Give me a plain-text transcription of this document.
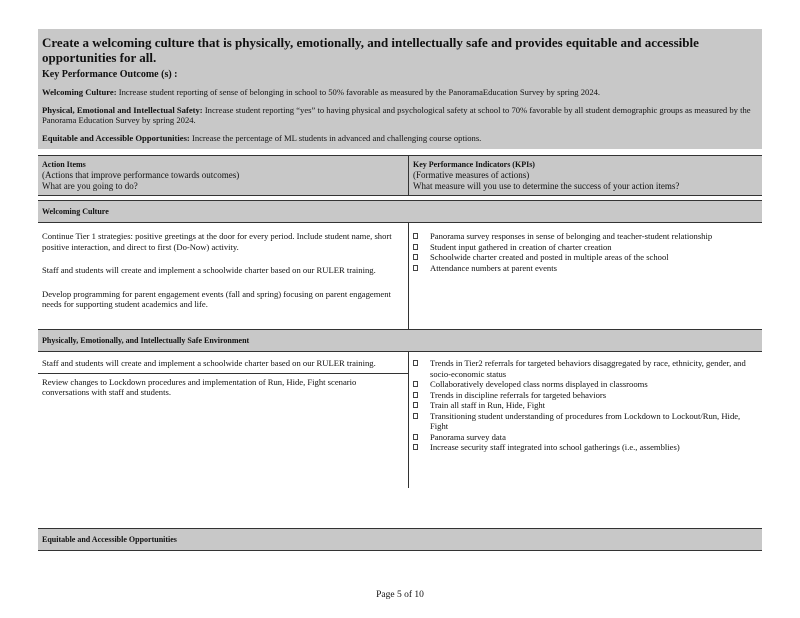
Create a welcoming culture that is physically, emotionally, and intellectually safe and provides equitable and accessible opportunities for all.
Key Performance Outcome (s) :
Welcoming Culture: Increase student reporting of sense of belonging in school to 50% favorable as measured by the PanoramaEducation Survey by spring 2024.
Physical, Emotional and Intellectual Safety: Increase student reporting “yes” to having physical and psychological safety at school to 70% favorable by all student demographic groups as measured by the Panorama Education Survey by spring 2024.
Equitable and Accessible Opportunities: Increase the percentage of ML students in advanced and challenging course options.
Action Items
(Actions that improve performance towards outcomes)
What are you going to do?
Key Performance Indicators (KPIs)
(Formative measures of actions)
What measure will you use to determine the success of your action items?
Welcoming Culture

Continue Tier 1 strategies: positive greetings at the door for every period. Include student name, short positive interaction, and direct to first (Do-Now) activity.

Staff and students will create and implement a schoolwide charter based on our RULER training.

Develop programming for parent engagement events (fall and spring) focusing on parent engagement needs for supporting student academics and life.

Panorama survey responses in sense of belonging and teacher-student relationship
Student input gathered in creation of charter creation
Schoolwide charter created and posted in multiple areas of the school
Attendance numbers at parent events
Physically, Emotionally, and Intellectually Safe Environment

Staff and students will create and implement a schoolwide charter based on our RULER training.

Review changes to Lockdown procedures and implementation of Run, Hide, Fight scenario conversations with staff and students.

Trends in Tier2 referrals for targeted behaviors disaggregated by race, ethnicity, gender, and socio-economic status
Collaboratively developed class norms displayed in classrooms
Trends in discipline referrals for targeted behaviors
Train all staff in Run, Hide, Fight
Transitioning student understanding of procedures from Lockdown to Lockout/Run, Hide, Fight
Panorama survey data
Increase security staff integrated into school gatherings (i.e., assemblies)
Equitable and Accessible Opportunities
Page 5 of 10
